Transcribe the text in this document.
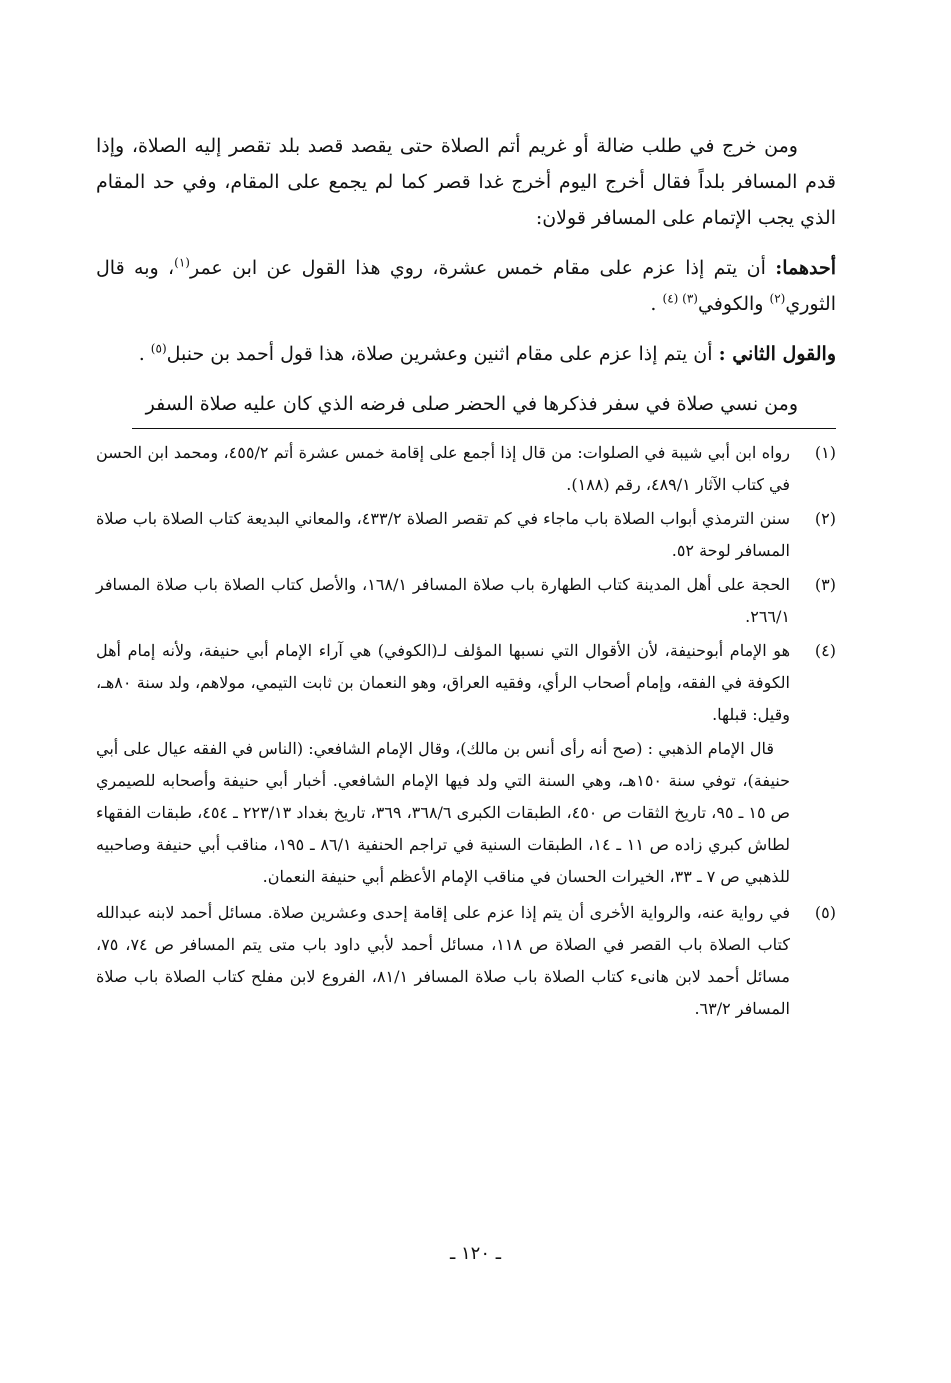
ومن خرج في طلب ضالة أو غريم أتم الصلاة حتى يقصد قصد بلد تقصر إليه الصلاة، وإذا قدم المسافر بلداً فقال أخرج اليوم أخرج غدا قصر كما لم يجمع على المقام، وفي حد المقام الذي يجب الإتمام على المسافر قولان:

أحدهما: أن يتم إذا عزم على مقام خمس عشرة، روي هذا القول عن ابن عمر$^{(١)}$، وبه قال الثوري$^{(٢)}$ والكوفي$^{(٣) (٤)}$ .

والقول الثاني : أن يتم إذا عزم على مقام اثنين وعشرين صلاة، هذا قول أحمد بن حنبل$^{(٥)}$ .

ومن نسي صلاة في سفر فذكرها في الحضر صلى فرضه الذي كان عليه صلاة السفر

(١)
رواه ابن أبي شيبة في الصلوات: من قال إذا أجمع على إقامة خمس عشرة أتم ٤٥٥/٢، ومحمد ابن الحسن في كتاب الآثار ٤٨٩/١، رقم (١٨٨).
(٢)
سنن الترمذي أبواب الصلاة باب ماجاء في كم تقصر الصلاة ٤٣٣/٢، والمعاني البديعة كتاب الصلاة باب صلاة المسافر لوحة ٥٢.
(٣)
الحجة على أهل المدينة كتاب الطهارة باب صلاة المسافر ١٦٨/١، والأصل كتاب الصلاة باب صلاة المسافر ٢٦٦/١.
(٤)
هو الإمام أبوحنيفة، لأن الأقوال التي نسبها المؤلف لـ(الكوفي) هي آراء الإمام أبي حنيفة، ولأنه إمام أهل الكوفة في الفقه، وإمام أصحاب الرأي، وفقيه العراق، وهو النعمان بن ثابت التيمي، مولاهم، ولد سنة ٨٠هـ، وقيل: قبلها.
قال الإمام الذهبي : (صح أنه رأى أنس بن مالك)، وقال الإمام الشافعي: (الناس في الفقه عيال على أبي حنيفة)، توفي سنة ١٥٠هـ، وهي السنة التي ولد فيها الإمام الشافعي. أخبار أبي حنيفة وأصحابه للصيمري ص ١٥ ـ ٩٥، تاريخ الثقات ص ٤٥٠، الطبقات الكبرى ٣٦٨/٦، ٣٦٩، تاريخ بغداد ٢٢٣/١٣ ـ ٤٥٤، طبقات الفقهاء لطاش كبري زاده ص ١١ ـ ١٤، الطبقات السنية في تراجم الحنفية ٨٦/١ ـ ١٩٥، مناقب أبي حنيفة وصاحبيه للذهبي ص ٧ ـ ٣٣، الخيرات الحسان في مناقب الإمام الأعظم أبي حنيفة النعمان.
(٥)
في رواية عنه، والرواية الأخرى أن يتم إذا عزم على إقامة إحدى وعشرين صلاة. مسائل أحمد لابنه عبدالله كتاب الصلاة باب القصر في الصلاة ص ١١٨، مسائل أحمد لأبي داود باب متى يتم المسافر ص ٧٤، ٧٥، مسائل أحمد لابن هانىء كتاب الصلاة باب صلاة المسافر ٨١/١، الفروع لابن مفلح كتاب الصلاة باب صلاة المسافر ٦٣/٢.
ـ ١٢٠ ـ
